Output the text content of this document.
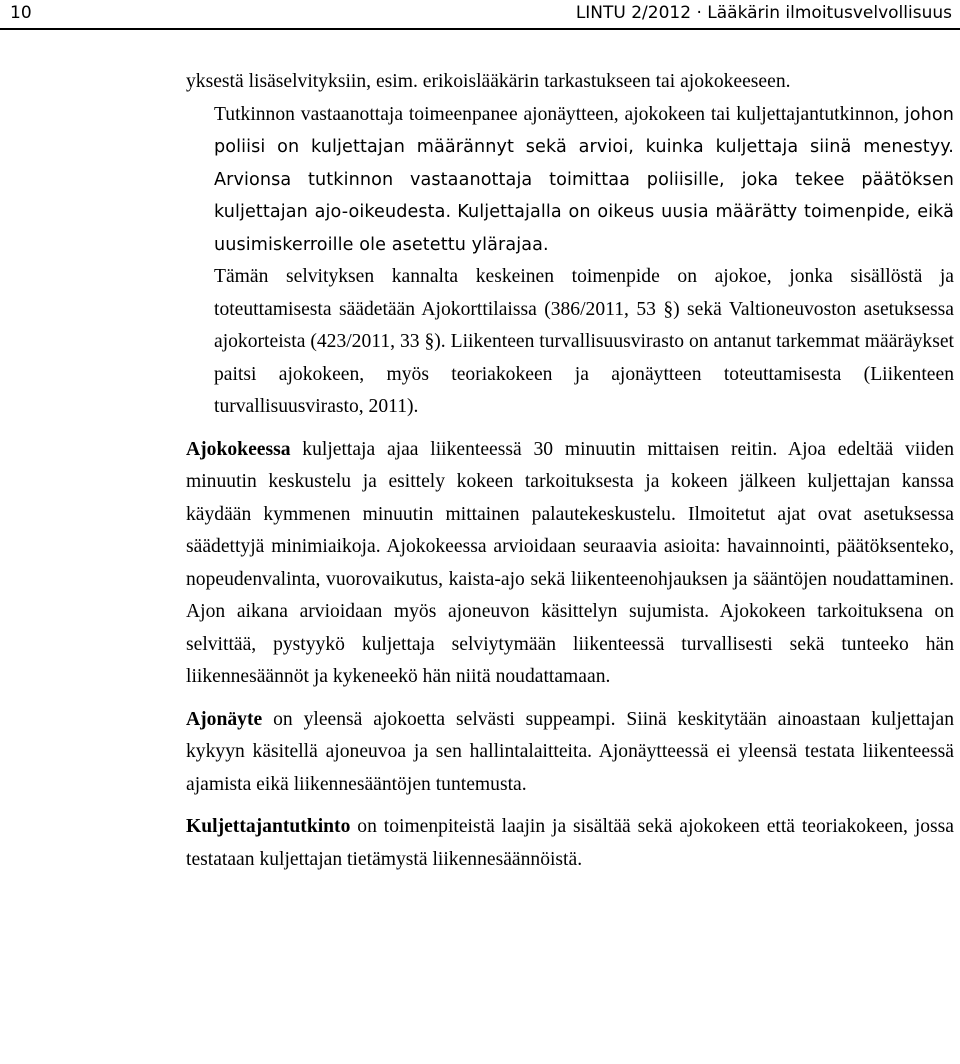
10	LINTU 2/2012 · Lääkärin ilmoitusvelvollisuus

yksestä lisäselvityksiin, esim. erikoislääkärin tarkastukseen tai ajokokeeseen.

Tutkinnon vastaanottaja toimeenpanee ajonäytteen, ajokokeen tai kuljettajantutkinnon, johon poliisi on kuljettajan määrännyt sekä arvioi, kuinka kuljettaja siinä menestyy. Arvionsa tutkinnon vastaanottaja toimittaa poliisille, joka tekee päätöksen kuljettajan ajo-oikeudesta. Kuljettajalla on oikeus uusia määrätty toimenpide, eikä uusimiskerroille ole asetettu ylärajaa.

Tämän selvityksen kannalta keskeinen toimenpide on ajokoe, jonka sisällöstä ja toteuttamisesta säädetään Ajokorttilaissa (386/2011, 53 §) sekä Valtioneuvoston asetuksessa ajokorteista (423/2011, 33 §). Liikenteen turvallisuusvirasto on antanut tarkemmat määräykset paitsi ajokokeen, myös teoriakokeen ja ajonäytteen toteuttamisesta (Liikenteen turvallisuusvirasto, 2011).

Ajokokeessa kuljettaja ajaa liikenteessä 30 minuutin mittaisen reitin. Ajoa edeltää viiden minuutin keskustelu ja esittely kokeen tarkoituksesta ja kokeen jälkeen kuljettajan kanssa käydään kymmenen minuutin mittainen palautekeskustelu. Ilmoitetut ajat ovat asetuksessa säädettyjä minimiaikoja. Ajokokeessa arvioidaan seuraavia asioita: havainnointi, päätöksenteko, nopeudenvalinta, vuorovaikutus, kaista-ajo sekä liikenteenohjauksen ja sääntöjen noudattaminen. Ajon aikana arvioidaan myös ajoneuvon käsittelyn sujumista. Ajokokeen tarkoituksena on selvittää, pystyykö kuljettaja selviytymään liikenteessä turvallisesti sekä tunteeko hän liikennesäännöt ja kykeneekö hän niitä noudattamaan.

Ajonäyte on yleensä ajokoetta selvästi suppeampi. Siinä keskitytään ainoastaan kuljettajan kykyyn käsitellä ajoneuvoa ja sen hallintalaitteita. Ajonäytteessä ei yleensä testata liikenteessä ajamista eikä liikennesääntöjen tuntemusta.

Kuljettajantutkinto on toimenpiteistä laajin ja sisältää sekä ajokokeen että teoriakokeen, jossa testataan kuljettajan tietämystä liikennesäännöistä.
